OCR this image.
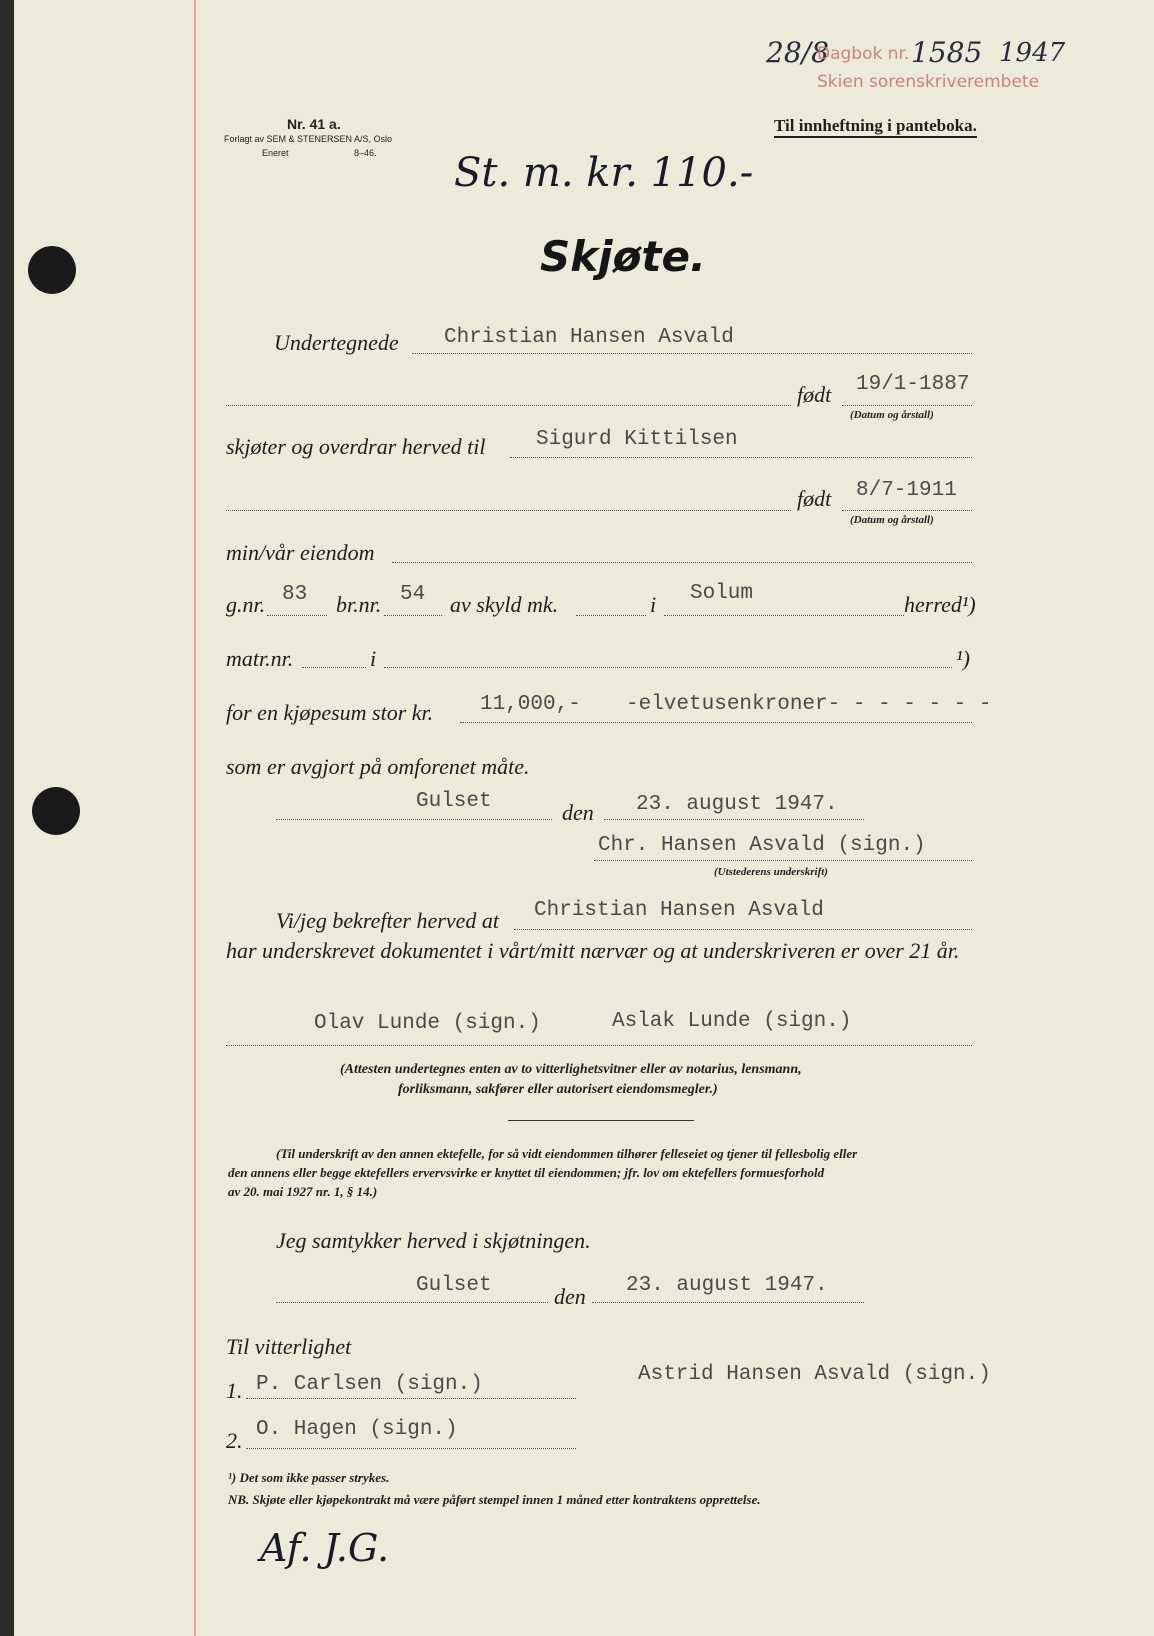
28/8
Dagbok nr. 1585 1947
Skien sorenskriverembete
Til innheftning i panteboka.
Nr. 41 a.
Forlagt av SEM & STENERSEN A/S, Oslo
Eneret	8–46. St. m. kr. 110.-
Skjøte.
Undertegnede Christian Hansen Asvald
født 19/1-1887
(Datum og årstall)
skjøter og overdrar herved til Sigurd Kittilsen
født 8/7-1911
(Datum og årstall)
min/vår eiendom
g.nr. 83 br.nr. 54 av skyld mk.	i Solum	herred¹)
matr.nr.	i	¹)
for en kjøpesum stor kr. 11,000,- -elvetusenkroner- - - - - - -
som er avgjort på omforenet måte.
Gulset	den 23. august 1947.
Chr. Hansen Asvald (sign.)
(Utstederens underskrift)
Vi/jeg bekrefter herved at Christian Hansen Asvald
har underskrevet dokumentet i vårt/mitt nærvær og at underskriveren er over 21 år.
Olav Lunde (sign.)	Aslak Lunde (sign.)
(Attesten undertegnes enten av to vitterlighetsvitner eller av notarius, lensmann,
forliksmann, sakfører eller autorisert eiendomsmegler.)
(Til underskrift av den annen ektefelle, for så vidt eiendommen tilhører felleseiet og tjener til fellesbolig eller
den annens eller begge ektefellers ervervsvirke er knyttet til eiendommen; jfr. lov om ektefellers formuesforhold
av 20. mai 1927 nr. 1, § 14.)
Jeg samtykker herved i skjøtningen.
Gulset	den 23. august 1947.
Til vitterlighet
1. P. Carlsen (sign.)
2. O. Hagen (sign.)
Astrid Hansen Asvald (sign.)
¹) Det som ikke passer strykes.
NB. Skjøte eller kjøpekontrakt må være påført stempel innen 1 måned etter kontraktens opprettelse.
Af. J.G.
